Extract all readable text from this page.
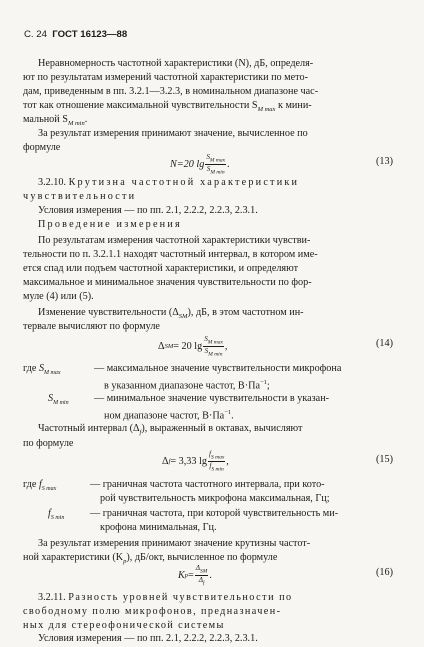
С. 24 ГОСТ 16123—88
Неравномерность частотной характеристики (N), дБ, определя-
ют по результатам измерений частотной характеристики по мето-
дам, приведенным в пп. 3.2.1—3.2.3, в номинальном диапазоне час-
тот как отношение максимальной чувствительности $S_{M max}$ к мини-
мальной $S_{M min}$.
За результат измерения принимают значение, вычисленное по
формуле
N=20 $\lg \frac{S_{M max}}{S_{M min}}$ .	(13)
3.2.10. Крутизна частотной характеристики
чувствительности
Условия измерения — по пп. 2.1, 2.2.2, 2.2.3, 2.3.1.
Проведение измерения
По результатам измерения частотной характеристики чувстви-
тельности по п. 3.2.1.1 находят частотный интервал, в котором име-
ется спад или подъем частотной характеристики, и определяют
максимальное и минимальное значения чувствительности по фор-
муле (4) или (5).
Изменение чувствительности $(\Delta_{SM})$, дБ, в этом частотном ин-
тервале вычисляют по формуле
Δ SM = 20 $\lg \frac{S_{M max}}{S_{M min}}$ ,	(14)
где $S_{M max}$	— максимальное значение чувствительности микрофона
в указанном диапазоне частот, $В\cdot Па^{-1}$;
$S_{M min}$ — минимальное значение чувствительности в указан-
ном диапазоне частот, $В\cdot Па^{-1}$.
Частотный интервал $(\Delta_f)$, выраженный в октавах, вычисляют
по формуле
Δ f = 3,33 $\lg \frac{f_{S max}}{f_{S min}}$ ,	(15)
где $f_{S max}$	— граничная частота частотного интервала, при кото-
рой чувствительность микрофона максимальная, Гц;
$f_{S min}$	— граничная частота, при которой чувствительность ми-
крофона минимальная, Гц.
За результат измерения принимают значение крутизны частот-
ной характеристики $(K_p)$, дБ/окт, вычисленное по формуле
K $p = \frac{\Delta_{SM}}{\Delta_f}$ .	(16)
3.2.11. Разность уровней чувствительности по
свободному полю микрофонов, предназначен-
ных для стереофонической системы
Условия измерения — по пп. 2.1, 2.2.2, 2.2.3, 2.3.1.
